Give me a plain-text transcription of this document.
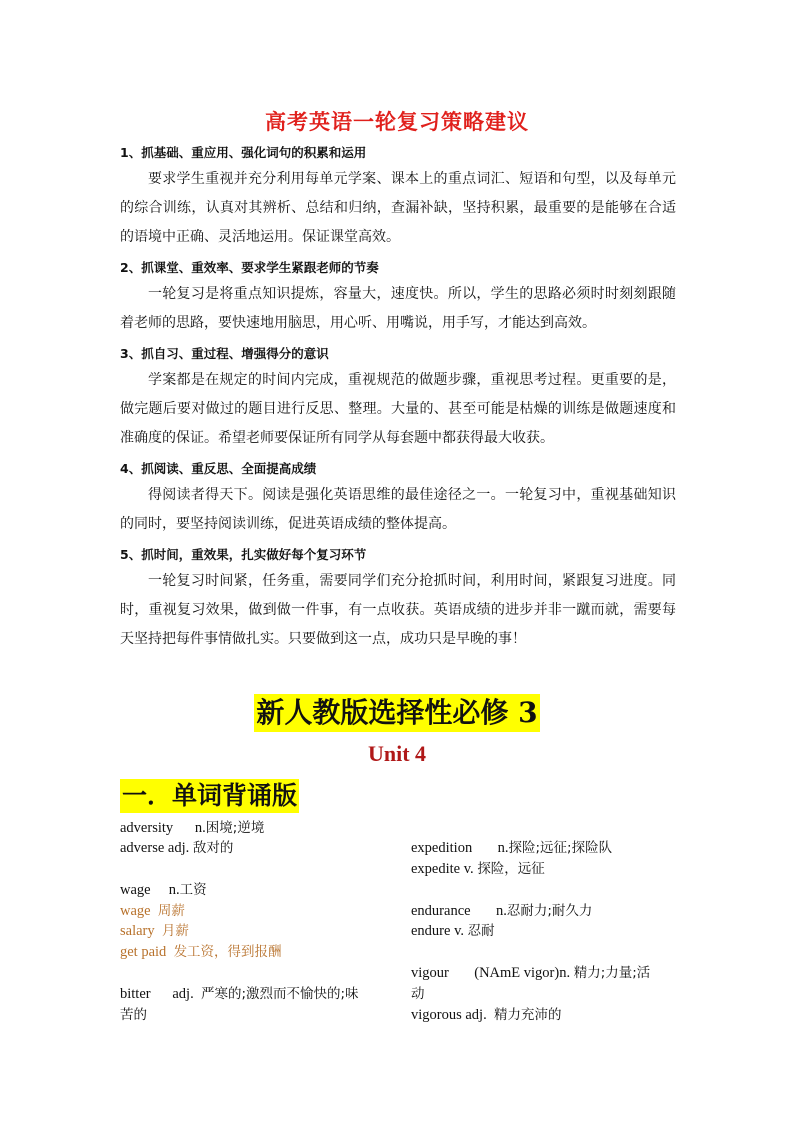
高考英语一轮复习策略建议

1、抓基础、重应用、强化词句的积累和运用

要求学生重视并充分利用每单元学案、课本上的重点词汇、短语和句型，以及每单元的综合训练，认真对其辨析、总结和归纳，查漏补缺，坚持积累，最重要的是能够在合适的语境中正确、灵活地运用。保证课堂高效。

2、抓课堂、重效率、要求学生紧跟老师的节奏

一轮复习是将重点知识提炼，容量大，速度快。所以，学生的思路必须时时刻刻跟随着老师的思路，要快速地用脑思，用心听、用嘴说，用手写，才能达到高效。

3、抓自习、重过程、增强得分的意识

学案都是在规定的时间内完成，重视规范的做题步骤，重视思考过程。更重要的是，做完题后要对做过的题目进行反思、整理。大量的、甚至可能是枯燥的训练是做题速度和准确度的保证。希望老师要保证所有同学从每套题中都获得最大收获。

4、抓阅读、重反思、全面提高成绩

得阅读者得天下。阅读是强化英语思维的最佳途径之一。一轮复习中，重视基础知识的同时，要坚持阅读训练，促进英语成绩的整体提高。

5、抓时间，重效果，扎实做好每个复习环节

一轮复习时间紧，任务重，需要同学们充分抢抓时间，利用时间，紧跟复习进度。同时，重视复习效果，做到做一件事，有一点收获。英语成绩的进步并非一蹴而就，需要每天坚持把每件事情做扎实。只要做到这一点，成功只是早晚的事！

新人教版选择性必修 3
Unit 4
一．单词背诵版
adversity n.困境;逆境
adverse adj. 敌对的
wage n.工资
wage 周薪
salary 月薪
get paid 发工资，得到报酬
bitter adj. 严寒的;激烈而不愉快的;味
苦的
expedition n.探险;远征;探险队
expedite v. 探险，远征
endurance n.忍耐力;耐久力
endure v. 忍耐
vigour (NAmE vigor)n. 精力;力量;活
动
vigorous adj. 精力充沛的
